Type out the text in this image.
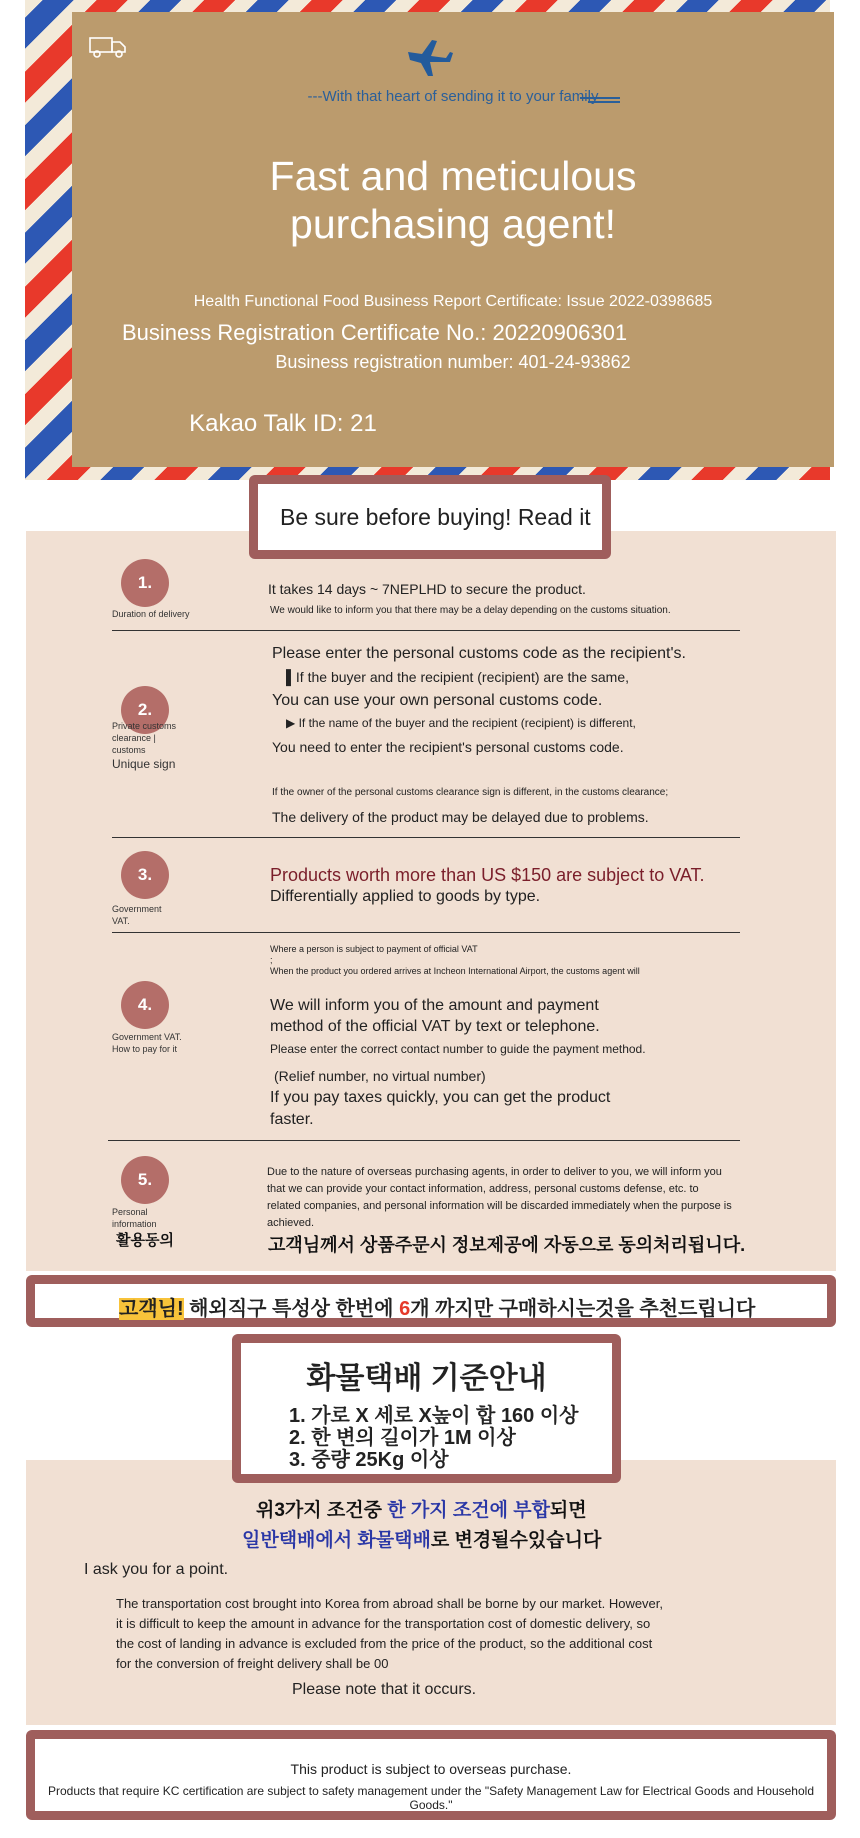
---With that heart of sending it to your family
Fast and meticulous
purchasing agent!
Health Functional Food Business Report Certificate: Issue 2022-0398685
Business Registration Certificate No.: 20220906301
Business registration number: 401-24-93862
Kakao Talk ID: 21
1.
Duration of delivery
It takes 14 days ~ 7NEPLHD to secure the product.
We would like to inform you that there may be a delay depending on the customs situation.
2.
Private customs clearance | customs
Unique sign
Please enter the personal customs code as the recipient's.
▌If the buyer and the recipient (recipient) are the same,
You can use your own personal customs code.
▶ If the name of the buyer and the recipient (recipient) is different,
You need to enter the recipient's personal customs code.
If the owner of the personal customs clearance sign is different, in the customs clearance;
The delivery of the product may be delayed due to problems.
3.
Government VAT.
Products worth more than US $150 are subject to VAT.
Differentially applied to goods by type.
4.
Government VAT. How to pay for it
Where a person is subject to payment of official VAT
;
When the product you ordered arrives at Incheon International Airport, the customs agent will
We will inform you of the amount and payment
method of the official VAT by text or telephone.
Please enter the correct contact number to guide the payment method.
(Relief number, no virtual number)
If you pay taxes quickly, you can get the product
faster.
5.
Personal information
활용동의
Due to the nature of overseas purchasing agents, in order to deliver to you, we will inform you
that we can provide your contact information, address, personal customs defense, etc. to
related companies, and personal information will be discarded immediately when the purpose is
achieved.
고객님께서 상품주문시 정보제공에 자동으로 동의처리됩니다.
Be sure before buying! Read it
고객님! 해외직구 특성상 한번에 6개 까지만 구매하시는것을 추천드립니다
위3가지 조건중 한 가지 조건에 부합되면
일반택배에서 화물택배로 변경될수있습니다
I ask you for a point.
The transportation cost brought into Korea from abroad shall be borne by our market. However,
it is difficult to keep the amount in advance for the transportation cost of domestic delivery, so
the cost of landing in advance is excluded from the price of the product, so the additional cost
for the conversion of freight delivery shall be 00
Please note that it occurs.
화물택배 기준안내
1. 가로 X 세로 X높이 합 160 이상
2. 한 변의 길이가 1M 이상
3. 중량 25Kg 이상
This product is subject to overseas purchase.
Products that require KC certification are subject to safety management under the "Safety Management Law for Electrical Goods and Household Goods."
